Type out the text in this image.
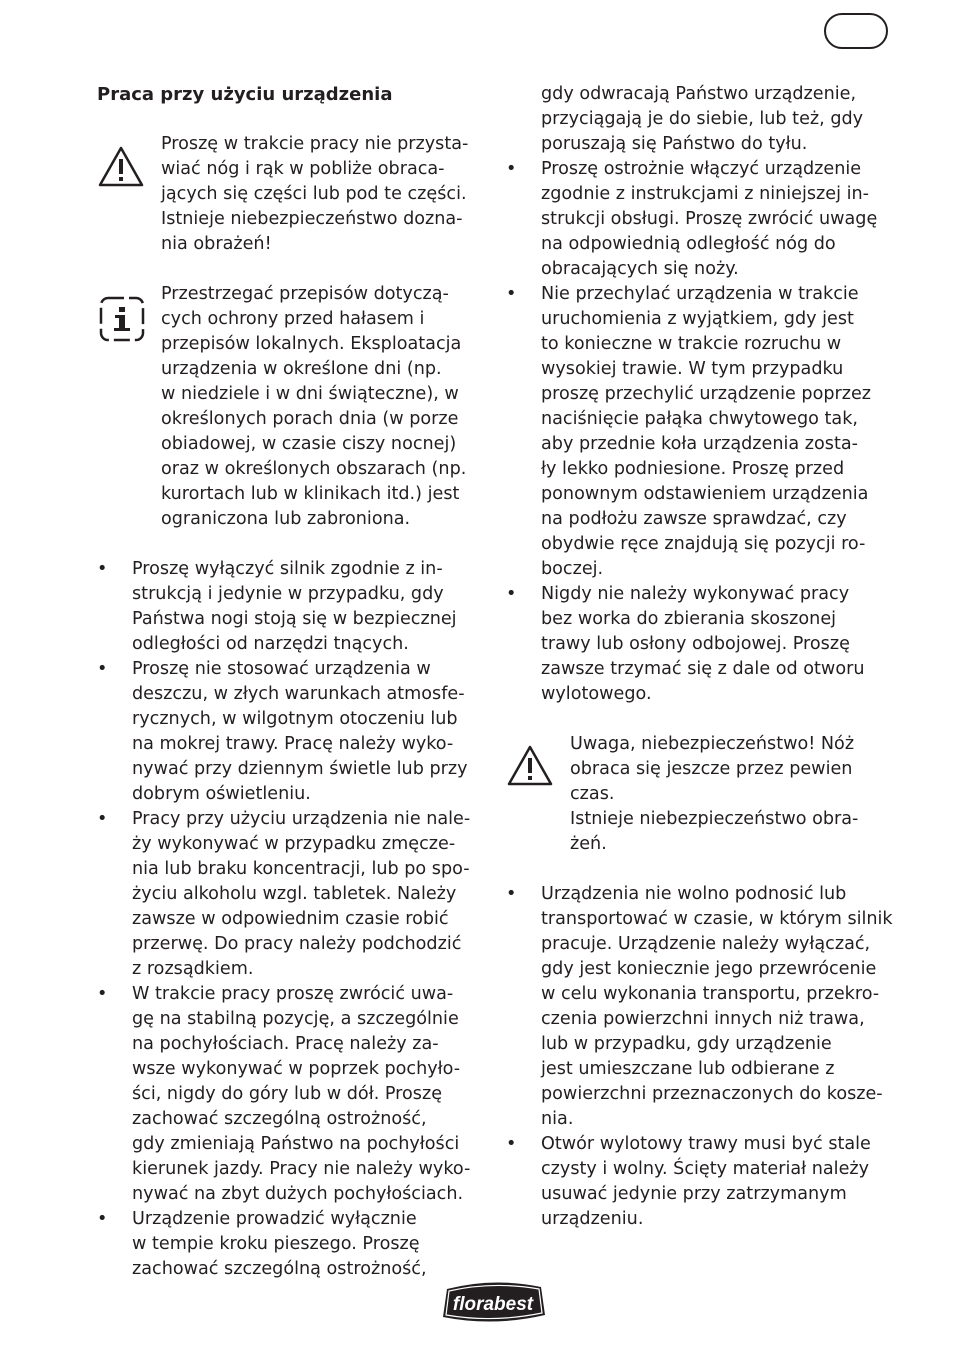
Praca przy użyciu urządzenia

Proszę w trakcie pracy nie przysta-
wiać nóg i rąk w pobliże obraca-
jących się części lub pod te części.
Istnieje niebezpieczeństwo dozna-
nia obrażeń!

Przestrzegać przepisów dotyczą-
cych ochrony przed hałasem i
przepisów lokalnych. Eksploatacja
urządzenia w określone dni (np.
w niedziele i w dni świąteczne), w
określonych porach dnia (w porze
obiadowej, w czasie ciszy nocnej)
oraz w określonych obszarach (np.
kurortach lub w klinikach itd.) jest
ograniczona lub zabroniona.

• Proszę wyłączyć silnik zgodnie z in-
strukcją i jedynie w przypadku, gdy
Państwa nogi stoją się w bezpiecznej
odległości od narzędzi tnących.

• Proszę nie stosować urządzenia w
deszczu, w złych warunkach atmosfe-
rycznych, w wilgotnym otoczeniu lub
na mokrej trawy. Pracę należy wyko-
nywać przy dziennym świetle lub przy
dobrym oświetleniu.

• Pracy przy użyciu urządzenia nie nale-
ży wykonywać w przypadku zmęcze-
nia lub braku koncentracji, lub po spo-
życiu alkoholu wzgl. tabletek. Należy
zawsze w odpowiednim czasie robić
przerwę. Do pracy należy podchodzić
z rozsądkiem.

• W trakcie pracy proszę zwrócić uwa-
gę na stabilną pozycję, a szczególnie
na pochyłościach. Pracę należy za-
wsze wykonywać w poprzek pochyło-
ści, nigdy do góry lub w dół. Proszę
zachować szczególną ostrożność,
gdy zmieniają Państwo na pochyłości
kierunek jazdy. Pracy nie należy wyko-
nywać na zbyt dużych pochyłościach.

• Urządzenie prowadzić wyłącznie
w tempie kroku pieszego. Proszę
zachować szczególną ostrożność,

gdy odwracają Państwo urządzenie,
przyciągają je do siebie, lub też, gdy
poruszają się Państwo do tyłu.

• Proszę ostrożnie włączyć urządzenie
zgodnie z instrukcjami z niniejszej in-
strukcji obsługi. Proszę zwrócić uwagę
na odpowiednią odległość nóg do
obracających się noży.

• Nie przechylać urządzenia w trakcie
uruchomienia z wyjątkiem, gdy jest
to konieczne w trakcie rozruchu w
wysokiej trawie. W tym przypadku
proszę przechylić urządzenie poprzez
naciśnięcie pałąka chwytowego tak,
aby przednie koła urządzenia zosta-
ły lekko podniesione. Proszę przed
ponownym odstawieniem urządzenia
na podłożu zawsze sprawdzać, czy
obydwie ręce znajdują się pozycji ro-
boczej.

• Nigdy nie należy wykonywać pracy
bez worka do zbierania skoszonej
trawy lub osłony odbojowej. Proszę
zawsze trzymać się z dale od otworu
wylotowego.

Uwaga, niebezpieczeństwo! Nóż
obraca się jeszcze przez pewien
czas.
Istnieje niebezpieczeństwo obra-
żeń.

• Urządzenia nie wolno podnosić lub
transportować w czasie, w którym silnik
pracuje. Urządzenie należy wyłączać,
gdy jest koniecznie jego przewrócenie
w celu wykonania transportu, przekro-
czenia powierzchni innych niż trawa,
lub w przypadku, gdy urządzenie
jest umieszczane lub odbierane z
powierzchni przeznaczonych do kosze-
nia.

• Otwór wylotowy trawy musi być stale
czysty i wolny. Ścięty materiał należy
usuwać jedynie przy zatrzymanym
urządzeniu.

florabest
